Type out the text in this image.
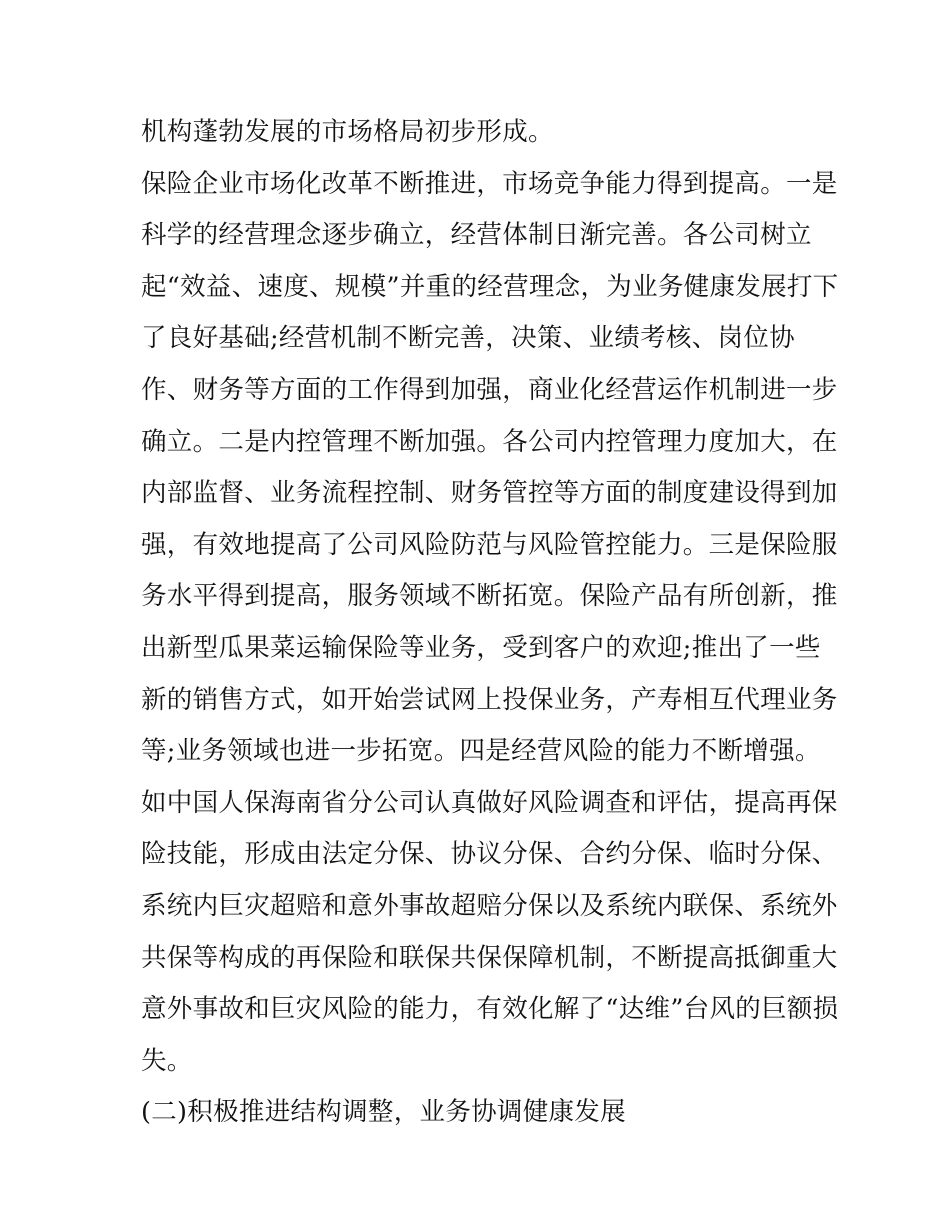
机构蓬勃发展的市场格局初步形成。
保险企业市场化改革不断推进，市场竞争能力得到提高。一是
科学的经营理念逐步确立，经营体制日渐完善。各公司树立
起“效益、速度、规模”并重的经营理念，为业务健康发展打下
了良好基础;经营机制不断完善，决策、业绩考核、岗位协
作、财务等方面的工作得到加强，商业化经营运作机制进一步
确立。二是内控管理不断加强。各公司内控管理力度加大，在
内部监督、业务流程控制、财务管控等方面的制度建设得到加
强，有效地提高了公司风险防范与风险管控能力。三是保险服
务水平得到提高，服务领域不断拓宽。保险产品有所创新，推
出新型瓜果菜运输保险等业务，受到客户的欢迎;推出了一些
新的销售方式，如开始尝试网上投保业务，产寿相互代理业务
等;业务领域也进一步拓宽。四是经营风险的能力不断增强。
如中国人保海南省分公司认真做好风险调查和评估，提高再保
险技能，形成由法定分保、协议分保、合约分保、临时分保、
系统内巨灾超赔和意外事故超赔分保以及系统内联保、系统外
共保等构成的再保险和联保共保保障机制，不断提高抵御重大
意外事故和巨灾风险的能力，有效化解了“达维”台风的巨额损
失。
(二)积极推进结构调整，业务协调健康发展
